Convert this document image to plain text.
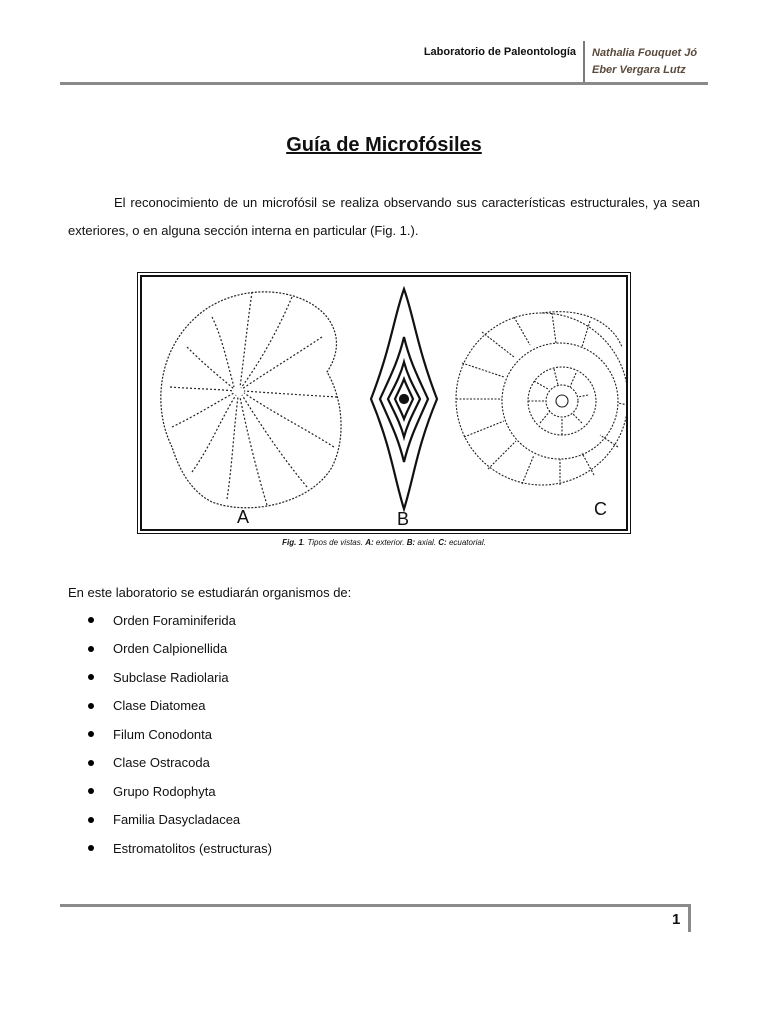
Laboratorio de Paleontología Nathalia Fouquet Jó
Eber Vergara Lutz
Guía de Microfósiles

El reconocimiento de un microfósil se realiza observando sus características estructurales, ya sean exteriores, o en alguna sección interna en particular (Fig. 1.).

A	B	C
Fig. 1. Tipos de vistas. A: exterior. B: axial. C: ecuatorial.
En este laboratorio se estudiarán organismos de:
Orden Foraminiferida
Orden Calpionellida
Subclase Radiolaria
Clase Diatomea
Filum Conodonta
Clase Ostracoda
Grupo Rodophyta
Familia Dasycladacea
Estromatolitos (estructuras)
1
